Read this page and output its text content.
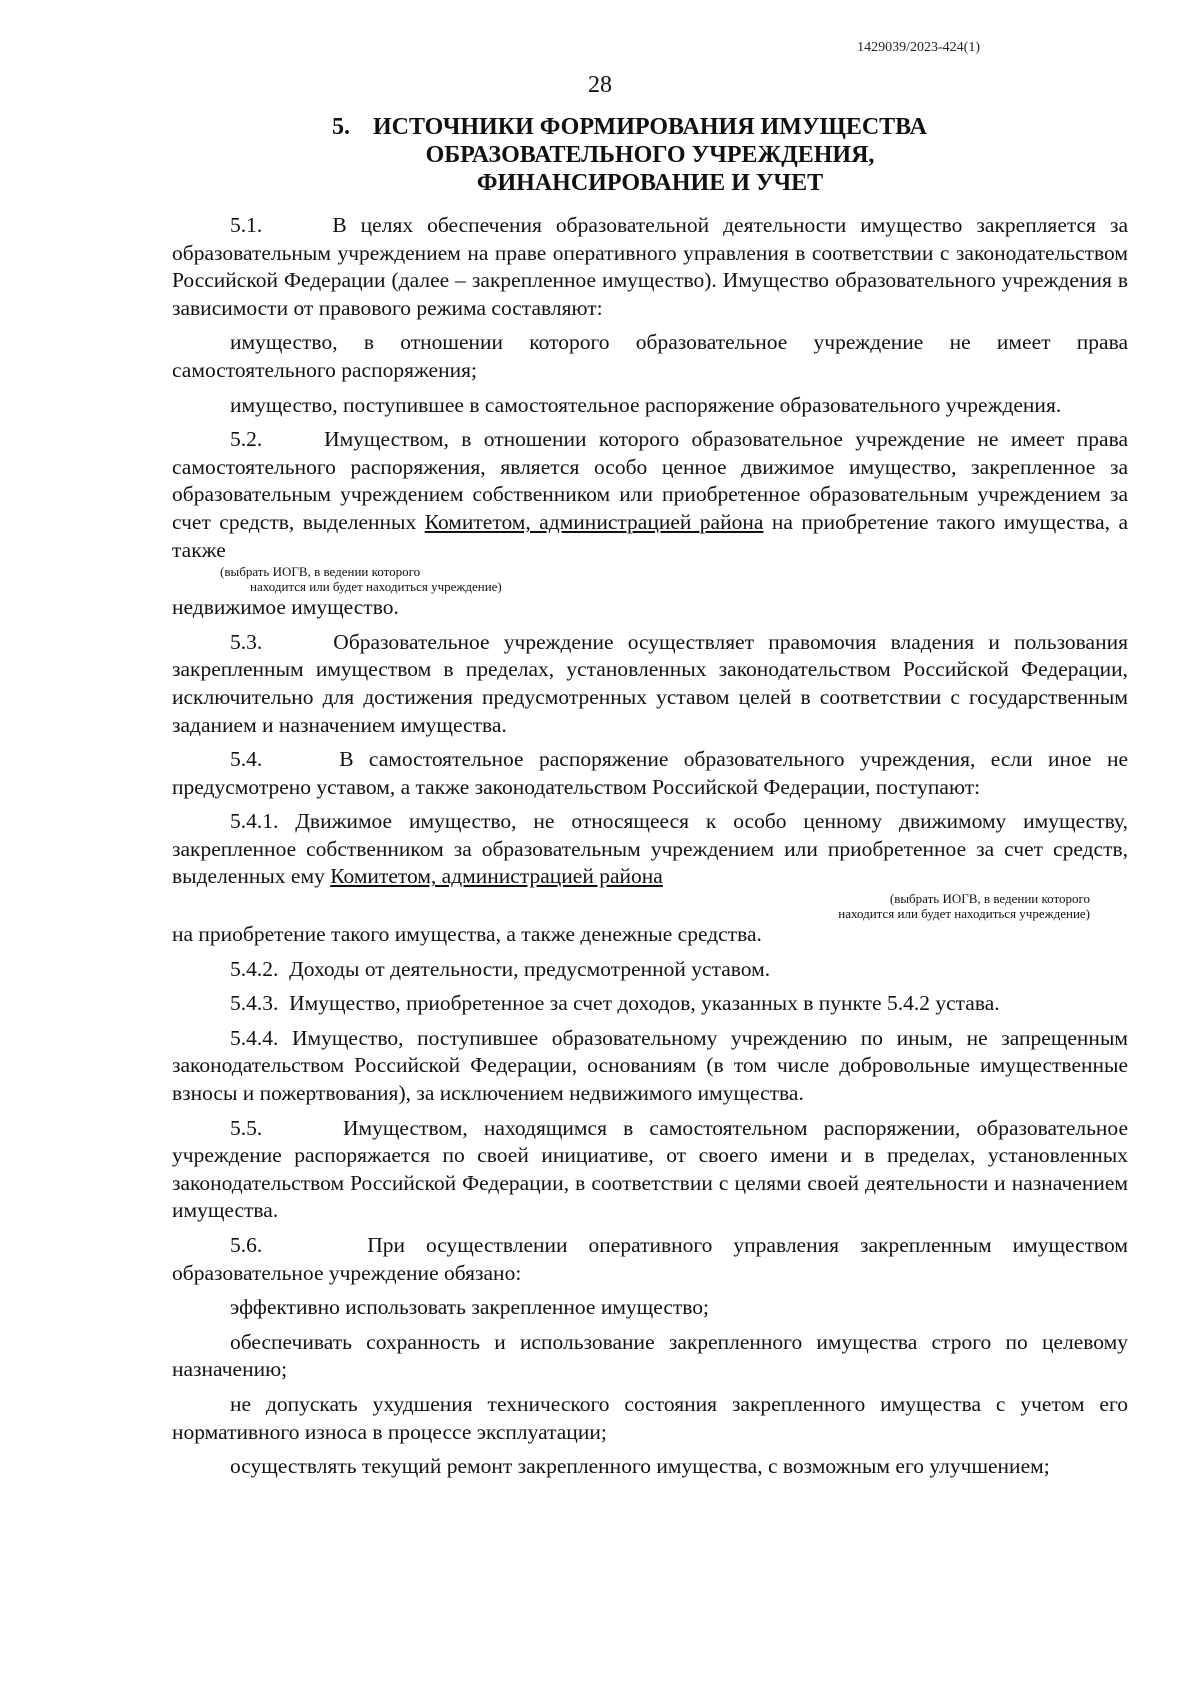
1429039/2023-424(1)
28
5. ИСТОЧНИКИ ФОРМИРОВАНИЯ ИМУЩЕСТВА
ОБРАЗОВАТЕЛЬНОГО УЧРЕЖДЕНИЯ,
ФИНАНСИРОВАНИЕ И УЧЕТ

5.1.     В целях обеспечения образовательной деятельности имущество закрепляется за образовательным учреждением на праве оперативного управления в соответствии с законодательством Российской Федерации (далее – закрепленное имущество). Имущество образовательного учреждения в зависимости от правового режима составляют:

имущество, в отношении которого образовательное учреждение не имеет права самостоятельного распоряжения;

имущество, поступившее в самостоятельное распоряжение образовательного учреждения.

5.2.     Имуществом, в отношении которого образовательное учреждение не имеет права самостоятельного распоряжения, является особо ценное движимое имущество, закрепленное за образовательным учреждением собственником или приобретенное образовательным учреждением за счет средств, выделенных Комитетом, администрацией района на приобретение такого имущества, а также

(выбрать ИОГВ, в ведении которого
находится или будет находиться учреждение)

недвижимое имущество.

5.3.     Образовательное учреждение осуществляет правомочия владения и пользования закрепленным имуществом в пределах, установленных законодательством Российской Федерации, исключительно для достижения предусмотренных уставом целей в соответствии с государственным заданием и назначением имущества.

5.4.     В самостоятельное распоряжение образовательного учреждения, если иное не предусмотрено уставом, а также законодательством Российской Федерации, поступают:

5.4.1. Движимое имущество, не относящееся к особо ценному движимому имуществу, закрепленное собственником за образовательным учреждением или приобретенное за счет средств, выделенных ему Комитетом, администрацией района

(выбрать ИОГВ, в ведении которого
находится или будет находиться учреждение)

на приобретение такого имущества, а также денежные средства.

5.4.2.  Доходы от деятельности, предусмотренной уставом.

5.4.3.  Имущество, приобретенное за счет доходов, указанных в пункте 5.4.2 устава.

5.4.4. Имущество, поступившее образовательному учреждению по иным, не запрещенным законодательством Российской Федерации, основаниям (в том числе добровольные имущественные взносы и пожертвования), за исключением недвижимого имущества.

5.5.     Имуществом, находящимся в самостоятельном распоряжении, образовательное учреждение распоряжается по своей инициативе, от своего имени и в пределах, установленных законодательством Российской Федерации, в соответствии с целями своей деятельности и назначением имущества.

5.6.     При осуществлении оперативного управления закрепленным имуществом образовательное учреждение обязано:

эффективно использовать закрепленное имущество;

обеспечивать сохранность и использование закрепленного имущества строго по целевому назначению;

не допускать ухудшения технического состояния закрепленного имущества с учетом его нормативного износа в процессе эксплуатации;

осуществлять текущий ремонт закрепленного имущества, с возможным его улучшением;
